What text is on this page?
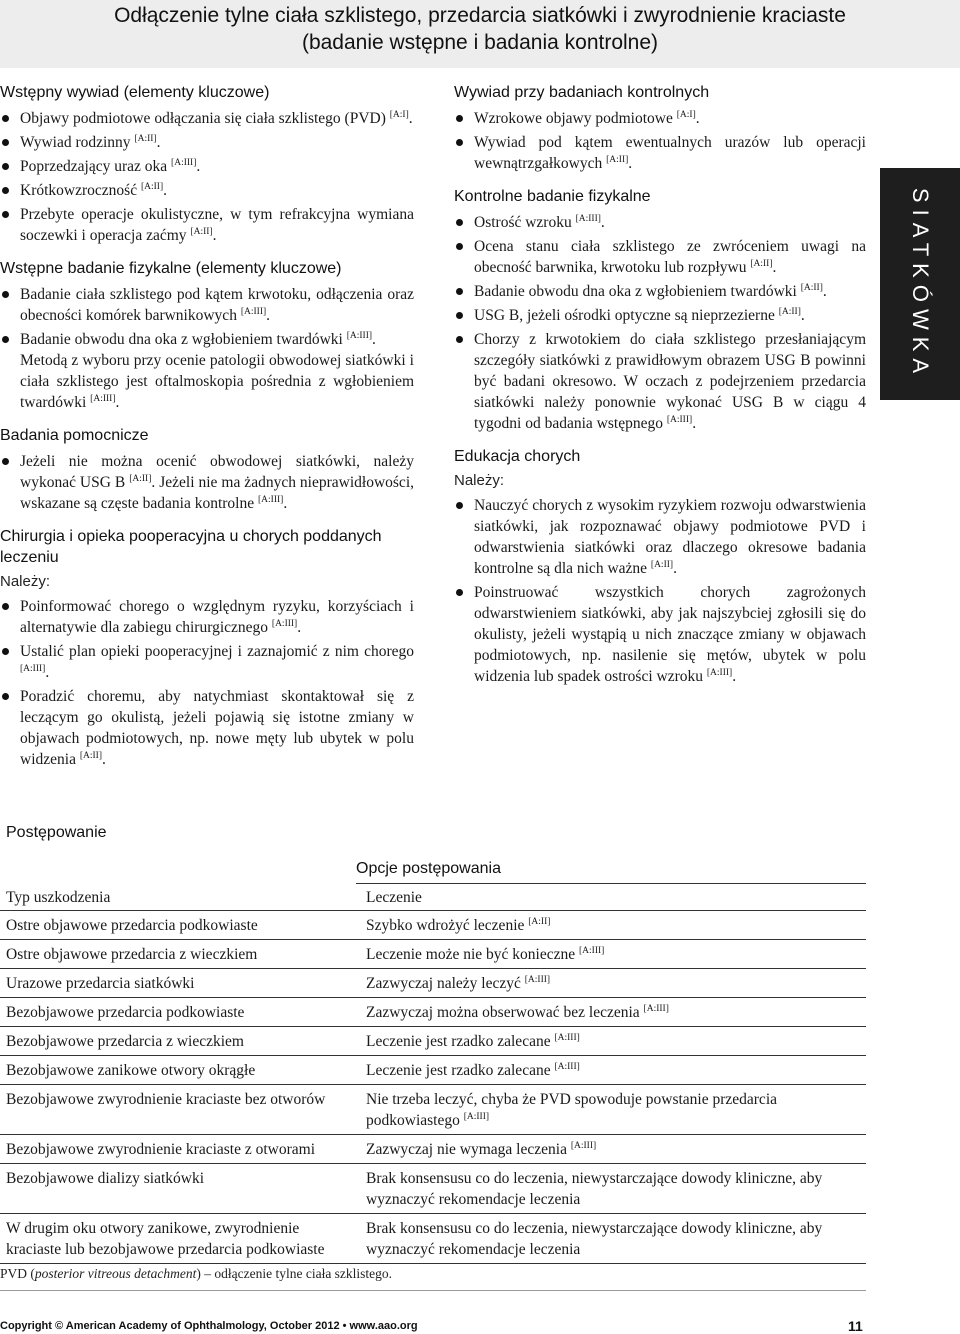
Odłączenie tylne ciała szklistego, przedarcia siatkówki i zwyrodnienie kraciaste
(badanie wstępne i badania kontrolne)
SIATKÓWKA
Wstępny wywiad (elementy kluczowe)
Objawy podmiotowe odłączania się ciała szklistego (PVD) [A:I].
Wywiad rodzinny [A:II].
Poprzedzający uraz oka [A:III].
Krótkowzroczność [A:II].
Przebyte operacje okulistyczne, w tym refrakcyjna wymiana soczewki i operacja zaćmy [A:II].
Wstępne badanie fizykalne (elementy kluczowe)
Badanie ciała szklistego pod kątem krwotoku, odłączenia oraz obecności komórek barwnikowych [A:III].
Badanie obwodu dna oka z wgłobieniem twardówki [A:III].
Metodą z wyboru przy ocenie patologii obwodowej siatkówki i ciała szklistego jest oftalmoskopia pośrednia z wgłobieniem twardówki [A:III].
Badania pomocnicze
Jeżeli nie można ocenić obwodowej siatkówki, należy wykonać USG B [A:II]. Jeżeli nie ma żadnych nieprawidłowości, wskazane są częste badania kontrolne [A:III].
Chirurgia i opieka pooperacyjna u chorych poddanych leczeniu

Należy:

Poinformować chorego o względnym ryzyku, korzyściach i alternatywie dla zabiegu chirurgicznego [A:III].
Ustalić plan opieki pooperacyjnej i zaznajomić z nim chorego [A:III].
Poradzić choremu, aby natychmiast skontaktował się z leczącym go okulistą, jeżeli pojawią się istotne zmiany w objawach podmiotowych, np. nowe męty lub ubytek w polu widzenia [A:II].
Wywiad przy badaniach kontrolnych
Wzrokowe objawy podmiotowe [A:I].
Wywiad pod kątem ewentualnych urazów lub operacji wewnątrzgałkowych [A:II].
Kontrolne badanie fizykalne
Ostrość wzroku [A:III].
Ocena stanu ciała szklistego ze zwróceniem uwagi na obecność barwnika, krwotoku lub rozpływu [A:II].
Badanie obwodu dna oka z wgłobieniem twardówki [A:II].
USG B, jeżeli ośrodki optyczne są nieprzezierne [A:II].
Chorzy z krwotokiem do ciała szklistego przesłaniającym szczegóły siatkówki z prawidłowym obrazem USG B powinni być badani okresowo. W oczach z podejrzeniem przedarcia siatkówki należy ponownie wykonać USG B w ciągu 4 tygodni od badania wstępnego [A:III].
Edukacja chorych

Należy:

Nauczyć chorych z wysokim ryzykiem rozwoju odwarstwienia siatkówki, jak rozpoznawać objawy podmiotowe PVD i odwarstwienia siatkówki oraz dlaczego okresowe badania kontrolne są dla nich ważne [A:II].
Poinstruować wszystkich chorych zagrożonych odwarstwieniem siatkówki, aby jak najszybciej zgłosili się do okulisty, jeżeli wystąpią u nich znaczące zmiany w objawach podmiotowych, np. nasilenie się mętów, ubytek w polu widzenia lub spadek ostrości wzroku [A:III].
Postępowanie
Opcje postępowania
Typ uszkodzenia	Leczenie
Ostre objawowe przedarcia podkowiaste	Szybko wdrożyć leczenie [A:II]
Ostre objawowe przedarcia z wieczkiem	Leczenie może nie być konieczne [A:III]
Urazowe przedarcia siatkówki	Zazwyczaj należy leczyć [A:III]
Bezobjawowe przedarcia podkowiaste	Zazwyczaj można obserwować bez leczenia [A:III]
Bezobjawowe przedarcia z wieczkiem	Leczenie jest rzadko zalecane [A:III]
Bezobjawowe zanikowe otwory okrągłe	Leczenie jest rzadko zalecane [A:III]
Bezobjawowe zwyrodnienie kraciaste bez otworów	Nie trzeba leczyć, chyba że PVD spowoduje powstanie przedarcia podkowiastego [A:III]
Bezobjawowe zwyrodnienie kraciaste z otworami	Zazwyczaj nie wymaga leczenia [A:III]
Bezobjawowe dializy siatkówki	Brak konsensusu co do leczenia, niewystarczające dowody kliniczne, aby wyznaczyć rekomendacje leczenia
W drugim oku otwory zanikowe, zwyrodnienie kraciaste lub bezobjawowe przedarcia podkowiaste	Brak konsensusu co do leczenia, niewystarczające dowody kliniczne, aby wyznaczyć rekomendacje leczenia
PVD (posterior vitreous detachment) – odłączenie tylne ciała szklistego.
Copyright © American Academy of Ophthalmology, October 2012 • www.aao.org	11
